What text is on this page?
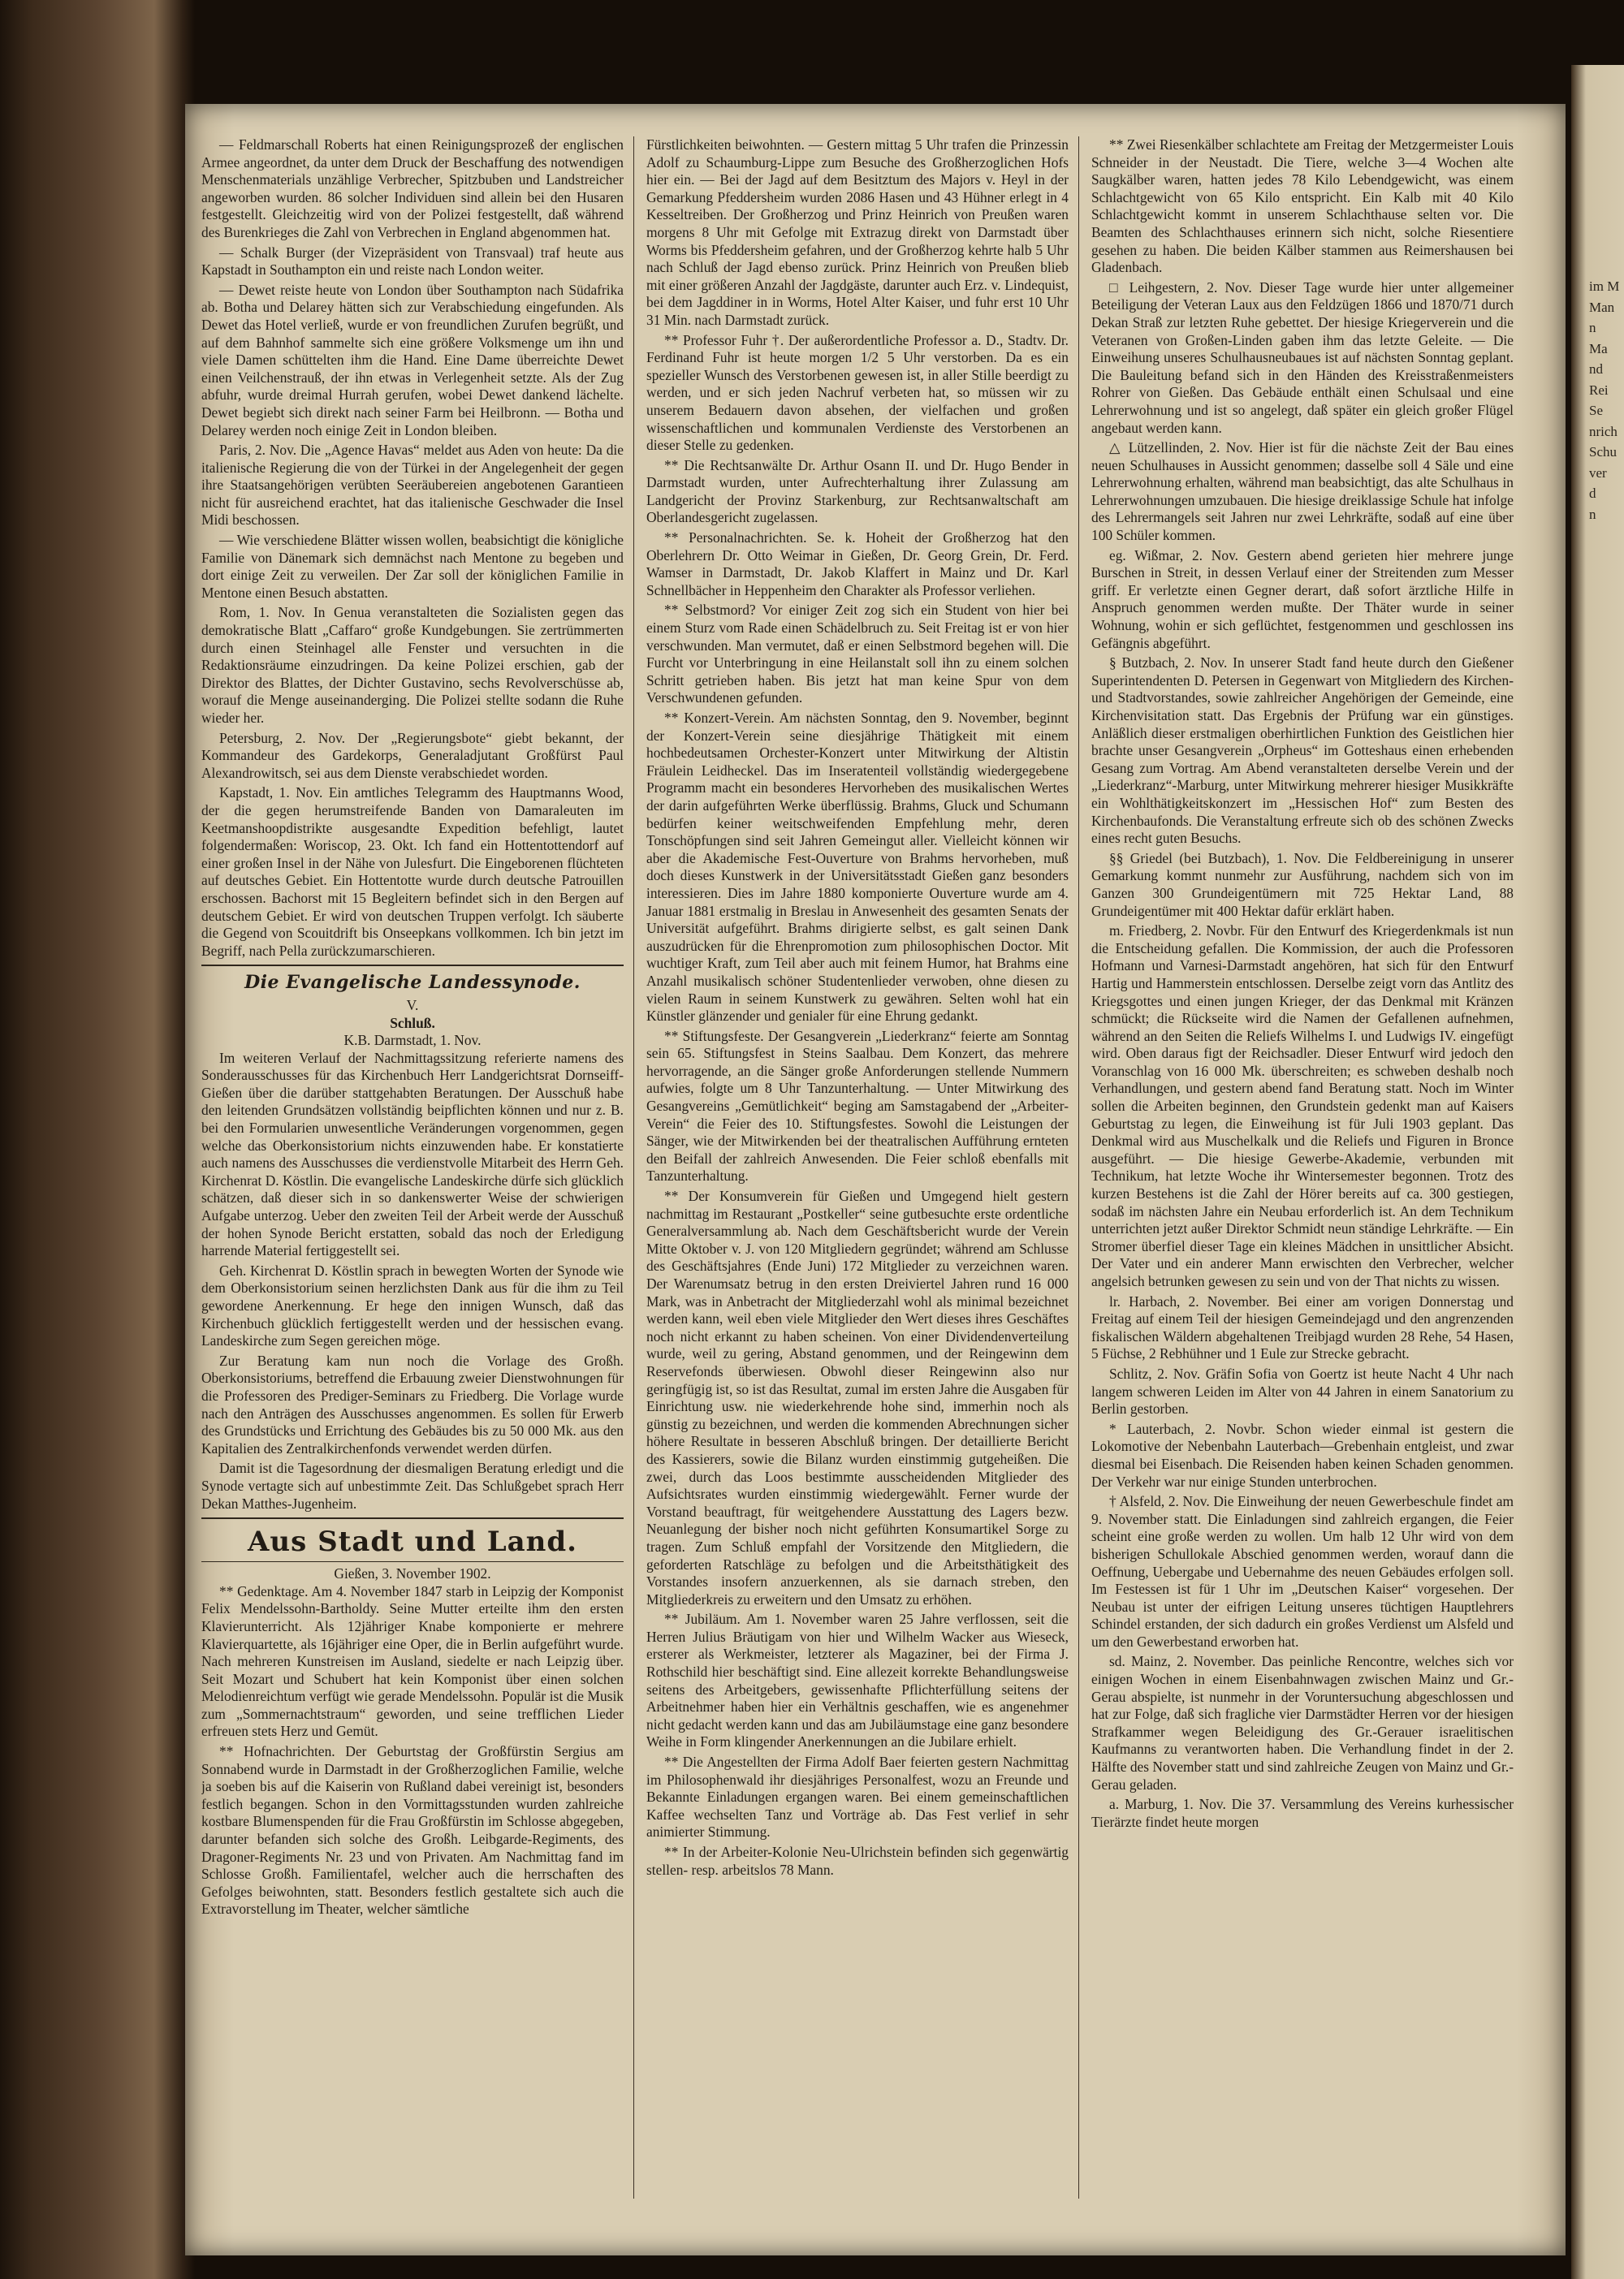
— Feldmarschall Roberts hat einen Reinigungsprozeß der englischen Armee angeordnet, da unter dem Druck der Beschaffung des notwendigen Menschenmaterials unzählige Verbrecher, Spitzbuben und Landstreicher angeworben wurden. 86 solcher Individuen sind allein bei den Husaren festgestellt. Gleichzeitig wird von der Polizei festgestellt, daß während des Burenkrieges die Zahl von Verbrechen in England abgenommen hat.

— Schalk Burger (der Vizepräsident von Transvaal) traf heute aus Kapstadt in Southampton ein und reiste nach London weiter.

— Dewet reiste heute von London über Southampton nach Südafrika ab. Botha und Delarey hätten sich zur Verabschiedung eingefunden. Als Dewet das Hotel verließ, wurde er von freundlichen Zurufen begrüßt, und auf dem Bahnhof sammelte sich eine größere Volksmenge um ihn und viele Damen schüttelten ihm die Hand. Eine Dame überreichte Dewet einen Veilchenstrauß, der ihn etwas in Verlegenheit setzte. Als der Zug abfuhr, wurde dreimal Hurrah gerufen, wobei Dewet dankend lächelte. Dewet begiebt sich direkt nach seiner Farm bei Heilbronn. — Botha und Delarey werden noch einige Zeit in London bleiben.

Paris, 2. Nov. Die „Agence Havas“ meldet aus Aden von heute: Da die italienische Regierung die von der Türkei in der Angelegenheit der gegen ihre Staatsangehörigen verübten Seeräubereien angebotenen Garantieen nicht für ausreichend erachtet, hat das italienische Geschwader die Insel Midi beschossen.

— Wie verschiedene Blätter wissen wollen, beabsichtigt die königliche Familie von Dänemark sich demnächst nach Mentone zu begeben und dort einige Zeit zu verweilen. Der Zar soll der königlichen Familie in Mentone einen Besuch abstatten.

Rom, 1. Nov. In Genua veranstalteten die Sozialisten gegen das demokratische Blatt „Caffaro“ große Kundgebungen. Sie zertrümmerten durch einen Steinhagel alle Fenster und versuchten in die Redaktionsräume einzudringen. Da keine Polizei erschien, gab der Direktor des Blattes, der Dichter Gustavino, sechs Revolverschüsse ab, worauf die Menge auseinanderging. Die Polizei stellte sodann die Ruhe wieder her.

Petersburg, 2. Nov. Der „Regierungsbote“ giebt bekannt, der Kommandeur des Gardekorps, Generaladjutant Großfürst Paul Alexandrowitsch, sei aus dem Dienste verabschiedet worden.

Kapstadt, 1. Nov. Ein amtliches Telegramm des Hauptmanns Wood, der die gegen herumstreifende Banden von Damaraleuten im Keetmanshoopdistrikte ausgesandte Expedition befehligt, lautet folgendermaßen: Woriscop, 23. Okt. Ich fand ein Hottentottendorf auf einer großen Insel in der Nähe von Julesfurt. Die Eingeborenen flüchteten auf deutsches Gebiet. Ein Hottentotte wurde durch deutsche Patrouillen erschossen. Bachorst mit 15 Begleitern befindet sich in den Bergen auf deutschem Gebiet. Er wird von deutschen Truppen verfolgt. Ich säuberte die Gegend von Scouitdrift bis Onseepkans vollkommen. Ich bin jetzt im Begriff, nach Pella zurückzumarschieren.

Die Evangelische Landessynode.
V.
Schluß.
K.B. Darmstadt, 1. Nov.

Im weiteren Verlauf der Nachmittagssitzung referierte namens des Sonderausschusses für das Kirchenbuch Herr Landgerichtsrat Dornseiff-Gießen über die darüber stattgehabten Beratungen. Der Ausschuß habe den leitenden Grundsätzen vollständig beipflichten können und nur z. B. bei den Formularien unwesentliche Veränderungen vorgenommen, gegen welche das Oberkonsistorium nichts einzuwenden habe. Er konstatierte auch namens des Ausschusses die verdienstvolle Mitarbeit des Herrn Geh. Kirchenrat D. Köstlin. Die evangelische Landeskirche dürfe sich glücklich schätzen, daß dieser sich in so dankenswerter Weise der schwierigen Aufgabe unterzog. Ueber den zweiten Teil der Arbeit werde der Ausschuß der hohen Synode Bericht erstatten, sobald das noch der Erledigung harrende Material fertiggestellt sei.

Geh. Kirchenrat D. Köstlin sprach in bewegten Worten der Synode wie dem Oberkonsistorium seinen herzlichsten Dank aus für die ihm zu Teil gewordene Anerkennung. Er hege den innigen Wunsch, daß das Kirchenbuch glücklich fertiggestellt werden und der hessischen evang. Landeskirche zum Segen gereichen möge.

Zur Beratung kam nun noch die Vorlage des Großh. Oberkonsistoriums, betreffend die Erbauung zweier Dienstwohnungen für die Professoren des Prediger-Seminars zu Friedberg. Die Vorlage wurde nach den Anträgen des Ausschusses angenommen. Es sollen für Erwerb des Grundstücks und Errichtung des Gebäudes bis zu 50 000 Mk. aus den Kapitalien des Zentralkirchenfonds verwendet werden dürfen.

Damit ist die Tagesordnung der diesmaligen Beratung erledigt und die Synode vertagte sich auf unbestimmte Zeit. Das Schlußgebet sprach Herr Dekan Matthes-Jugenheim.

Aus Stadt und Land.
Gießen, 3. November 1902.

** Gedenktage. Am 4. November 1847 starb in Leipzig der Komponist Felix Mendelssohn-Bartholdy. Seine Mutter erteilte ihm den ersten Klavierunterricht. Als 12jähriger Knabe komponierte er mehrere Klavierquartette, als 16jähriger eine Oper, die in Berlin aufgeführt wurde. Nach mehreren Kunstreisen im Ausland, siedelte er nach Leipzig über. Seit Mozart und Schubert hat kein Komponist über einen solchen Melodienreichtum verfügt wie gerade Mendelssohn. Populär ist die Musik zum „Sommernachtstraum“ geworden, und seine trefflichen Lieder erfreuen stets Herz und Gemüt.

** Hofnachrichten. Der Geburtstag der Großfürstin Sergius am Sonnabend wurde in Darmstadt in der Großherzoglichen Familie, welche ja soeben bis auf die Kaiserin von Rußland dabei vereinigt ist, besonders festlich begangen. Schon in den Vormittagsstunden wurden zahlreiche kostbare Blumenspenden für die Frau Großfürstin im Schlosse abgegeben, darunter befanden sich solche des Großh. Leibgarde-Regiments, des Dragoner-Regiments Nr. 23 und von Privaten. Am Nachmittag fand im Schlosse Großh. Familientafel, welcher auch die herrschaften des Gefolges beiwohnten, statt. Besonders festlich gestaltete sich auch die Extravorstellung im Theater, welcher sämtliche

Fürstlichkeiten beiwohnten. — Gestern mittag 5 Uhr trafen die Prinzessin Adolf zu Schaumburg-Lippe zum Besuche des Großherzoglichen Hofs hier ein. — Bei der Jagd auf dem Besitztum des Majors v. Heyl in der Gemarkung Pfeddersheim wurden 2086 Hasen und 43 Hühner erlegt in 4 Kesseltreiben. Der Großherzog und Prinz Heinrich von Preußen waren morgens 8 Uhr mit Gefolge mit Extrazug direkt von Darmstadt über Worms bis Pfeddersheim gefahren, und der Großherzog kehrte halb 5 Uhr nach Schluß der Jagd ebenso zurück. Prinz Heinrich von Preußen blieb mit einer größeren Anzahl der Jagdgäste, darunter auch Erz. v. Lindequist, bei dem Jagddiner in in Worms, Hotel Alter Kaiser, und fuhr erst 10 Uhr 31 Min. nach Darmstadt zurück.

** Professor Fuhr †. Der außerordentliche Professor a. D., Stadtv. Dr. Ferdinand Fuhr ist heute morgen 1/2 5 Uhr verstorben. Da es ein spezieller Wunsch des Verstorbenen gewesen ist, in aller Stille beerdigt zu werden, und er sich jeden Nachruf verbeten hat, so müssen wir zu unserem Bedauern davon absehen, der vielfachen und großen wissenschaftlichen und kommunalen Verdienste des Verstorbenen an dieser Stelle zu gedenken.

** Die Rechtsanwälte Dr. Arthur Osann II. und Dr. Hugo Bender in Darmstadt wurden, unter Aufrechterhaltung ihrer Zulassung am Landgericht der Provinz Starkenburg, zur Rechtsanwaltschaft am Oberlandesgericht zugelassen.

** Personalnachrichten. Se. k. Hoheit der Großherzog hat den Oberlehrern Dr. Otto Weimar in Gießen, Dr. Georg Grein, Dr. Ferd. Wamser in Darmstadt, Dr. Jakob Klaffert in Mainz und Dr. Karl Schnellbächer in Heppenheim den Charakter als Professor verliehen.

** Selbstmord? Vor einiger Zeit zog sich ein Student von hier bei einem Sturz vom Rade einen Schädelbruch zu. Seit Freitag ist er von hier verschwunden. Man vermutet, daß er einen Selbstmord begehen will. Die Furcht vor Unterbringung in eine Heilanstalt soll ihn zu einem solchen Schritt getrieben haben. Bis jetzt hat man keine Spur von dem Verschwundenen gefunden.

** Konzert-Verein. Am nächsten Sonntag, den 9. November, beginnt der Konzert-Verein seine diesjährige Thätigkeit mit einem hochbedeutsamen Orchester-Konzert unter Mitwirkung der Altistin Fräulein Leidheckel. Das im Inseratenteil vollständig wiedergegebene Programm macht ein besonderes Hervorheben des musikalischen Wertes der darin aufgeführten Werke überflüssig. Brahms, Gluck und Schumann bedürfen keiner weitschweifenden Empfehlung mehr, deren Tonschöpfungen sind seit Jahren Gemeingut aller. Vielleicht können wir aber die Akademische Fest-Ouverture von Brahms hervorheben, muß doch dieses Kunstwerk in der Universitätsstadt Gießen ganz besonders interessieren. Dies im Jahre 1880 komponierte Ouverture wurde am 4. Januar 1881 erstmalig in Breslau in Anwesenheit des gesamten Senats der Universität aufgeführt. Brahms dirigierte selbst, es galt seinen Dank auszudrücken für die Ehrenpromotion zum philosophischen Doctor. Mit wuchtiger Kraft, zum Teil aber auch mit feinem Humor, hat Brahms eine Anzahl musikalisch schöner Studentenlieder verwoben, ohne diesen zu vielen Raum in seinem Kunstwerk zu gewähren. Selten wohl hat ein Künstler glänzender und genialer für eine Ehrung gedankt.

** Stiftungsfeste. Der Gesangverein „Liederkranz“ feierte am Sonntag sein 65. Stiftungsfest in Steins Saalbau. Dem Konzert, das mehrere hervorragende, an die Sänger große Anforderungen stellende Nummern aufwies, folgte um 8 Uhr Tanzunterhaltung. — Unter Mitwirkung des Gesangvereins „Gemütlichkeit“ beging am Samstagabend der „Arbeiter-Verein“ die Feier des 10. Stiftungsfestes. Sowohl die Leistungen der Sänger, wie der Mitwirkenden bei der theatralischen Aufführung ernteten den Beifall der zahlreich Anwesenden. Die Feier schloß ebenfalls mit Tanzunterhaltung.

** Der Konsumverein für Gießen und Umgegend hielt gestern nachmittag im Restaurant „Postkeller“ seine gutbesuchte erste ordentliche Generalversammlung ab. Nach dem Geschäftsbericht wurde der Verein Mitte Oktober v. J. von 120 Mitgliedern gegründet; während am Schlusse des Geschäftsjahres (Ende Juni) 172 Mitglieder zu verzeichnen waren. Der Warenumsatz betrug in den ersten Dreiviertel Jahren rund 16 000 Mark, was in Anbetracht der Mitgliederzahl wohl als minimal bezeichnet werden kann, weil eben viele Mitglieder den Wert dieses ihres Geschäftes noch nicht erkannt zu haben scheinen. Von einer Dividendenverteilung wurde, weil zu gering, Abstand genommen, und der Reingewinn dem Reservefonds überwiesen. Obwohl dieser Reingewinn also nur geringfügig ist, so ist das Resultat, zumal im ersten Jahre die Ausgaben für Einrichtung usw. nie wiederkehrende hohe sind, immerhin noch als günstig zu bezeichnen, und werden die kommenden Abrechnungen sicher höhere Resultate in besseren Abschluß bringen. Der detaillierte Bericht des Kassierers, sowie die Bilanz wurden einstimmig gutgeheißen. Die zwei, durch das Loos bestimmte ausscheidenden Mitglieder des Aufsichtsrates wurden einstimmig wiedergewählt. Ferner wurde der Vorstand beauftragt, für weitgehendere Ausstattung des Lagers bezw. Neuanlegung der bisher noch nicht geführten Konsumartikel Sorge zu tragen. Zum Schluß empfahl der Vorsitzende den Mitgliedern, die geforderten Ratschläge zu befolgen und die Arbeitsthätigkeit des Vorstandes insofern anzuerkennen, als sie darnach streben, den Mitgliederkreis zu erweitern und den Umsatz zu erhöhen.

** Jubiläum. Am 1. November waren 25 Jahre verflossen, seit die Herren Julius Bräutigam von hier und Wilhelm Wacker aus Wieseck, ersterer als Werkmeister, letzterer als Magaziner, bei der Firma J. Rothschild hier beschäftigt sind. Eine allezeit korrekte Behandlungsweise seitens des Arbeitgebers, gewissenhafte Pflichterfüllung seitens der Arbeitnehmer haben hier ein Verhältnis geschaffen, wie es angenehmer nicht gedacht werden kann und das am Jubiläumstage eine ganz besondere Weihe in Form klingender Anerkennungen an die Jubilare erhielt.

** Die Angestellten der Firma Adolf Baer feierten gestern Nachmittag im Philosophenwald ihr diesjähriges Personalfest, wozu an Freunde und Bekannte Einladungen ergangen waren. Bei einem gemeinschaftlichen Kaffee wechselten Tanz und Vorträge ab. Das Fest verlief in sehr animierter Stimmung.

** In der Arbeiter-Kolonie Neu-Ulrichstein befinden sich gegenwärtig stellen- resp. arbeitslos 78 Mann.

** Zwei Riesenkälber schlachtete am Freitag der Metzgermeister Louis Schneider in der Neustadt. Die Tiere, welche 3—4 Wochen alte Saugkälber waren, hatten jedes 78 Kilo Lebendgewicht, was einem Schlachtgewicht von 65 Kilo entspricht. Ein Kalb mit 40 Kilo Schlachtgewicht kommt in unserem Schlachthause selten vor. Die Beamten des Schlachthauses erinnern sich nicht, solche Riesentiere gesehen zu haben. Die beiden Kälber stammen aus Reimershausen bei Gladenbach.

□ Leihgestern, 2. Nov. Dieser Tage wurde hier unter allgemeiner Beteiligung der Veteran Laux aus den Feldzügen 1866 und 1870/71 durch Dekan Straß zur letzten Ruhe gebettet. Der hiesige Kriegerverein und die Veteranen von Großen-Linden gaben ihm das letzte Geleite. — Die Einweihung unseres Schulhausneubaues ist auf nächsten Sonntag geplant. Die Bauleitung befand sich in den Händen des Kreisstraßenmeisters Rohrer von Gießen. Das Gebäude enthält einen Schulsaal und eine Lehrerwohnung und ist so angelegt, daß später ein gleich großer Flügel angebaut werden kann.

△ Lützellinden, 2. Nov. Hier ist für die nächste Zeit der Bau eines neuen Schulhauses in Aussicht genommen; dasselbe soll 4 Säle und eine Lehrerwohnung erhalten, während man beabsichtigt, das alte Schulhaus in Lehrerwohnungen umzubauen. Die hiesige dreiklassige Schule hat infolge des Lehrermangels seit Jahren nur zwei Lehrkräfte, sodaß auf eine über 100 Schüler kommen.

eg. Wißmar, 2. Nov. Gestern abend gerieten hier mehrere junge Burschen in Streit, in dessen Verlauf einer der Streitenden zum Messer griff. Er verletzte einen Gegner derart, daß sofort ärztliche Hilfe in Anspruch genommen werden mußte. Der Thäter wurde in seiner Wohnung, wohin er sich geflüchtet, festgenommen und geschlossen ins Gefängnis abgeführt.

§ Butzbach, 2. Nov. In unserer Stadt fand heute durch den Gießener Superintendenten D. Petersen in Gegenwart von Mitgliedern des Kirchen- und Stadtvorstandes, sowie zahlreicher Angehörigen der Gemeinde, eine Kirchenvisitation statt. Das Ergebnis der Prüfung war ein günstiges. Anläßlich dieser erstmaligen oberhirtlichen Funktion des Geistlichen hier brachte unser Gesangverein „Orpheus“ im Gotteshaus einen erhebenden Gesang zum Vortrag. Am Abend veranstalteten derselbe Verein und der „Liederkranz“-Marburg, unter Mitwirkung mehrerer hiesiger Musikkräfte ein Wohlthätigkeitskonzert im „Hessischen Hof“ zum Besten des Kirchenbaufonds. Die Veranstaltung erfreute sich ob des schönen Zwecks eines recht guten Besuchs.

§§ Griedel (bei Butzbach), 1. Nov. Die Feldbereinigung in unserer Gemarkung kommt nunmehr zur Ausführung, nachdem sich von im Ganzen 300 Grundeigentümern mit 725 Hektar Land, 88 Grundeigentümer mit 400 Hektar dafür erklärt haben.

m. Friedberg, 2. Novbr. Für den Entwurf des Kriegerdenkmals ist nun die Entscheidung gefallen. Die Kommission, der auch die Professoren Hofmann und Varnesi-Darmstadt angehören, hat sich für den Entwurf Hartig und Hammerstein entschlossen. Derselbe zeigt vorn das Antlitz des Kriegsgottes und einen jungen Krieger, der das Denkmal mit Kränzen schmückt; die Rückseite wird die Namen der Gefallenen aufnehmen, während an den Seiten die Reliefs Wilhelms I. und Ludwigs IV. eingefügt wird. Oben daraus figt der Reichsadler. Dieser Entwurf wird jedoch den Voranschlag von 16 000 Mk. überschreiten; es schweben deshalb noch Verhandlungen, und gestern abend fand Beratung statt. Noch im Winter sollen die Arbeiten beginnen, den Grundstein gedenkt man auf Kaisers Geburtstag zu legen, die Einweihung ist für Juli 1903 geplant. Das Denkmal wird aus Muschelkalk und die Reliefs und Figuren in Bronce ausgeführt. — Die hiesige Gewerbe-Akademie, verbunden mit Technikum, hat letzte Woche ihr Wintersemester begonnen. Trotz des kurzen Bestehens ist die Zahl der Hörer bereits auf ca. 300 gestiegen, sodaß im nächsten Jahre ein Neubau erforderlich ist. An dem Technikum unterrichten jetzt außer Direktor Schmidt neun ständige Lehrkräfte. — Ein Stromer überfiel dieser Tage ein kleines Mädchen in unsittlicher Absicht. Der Vater und ein anderer Mann erwischten den Verbrecher, welcher angelsich betrunken gewesen zu sein und von der That nichts zu wissen.

lr. Harbach, 2. November. Bei einer am vorigen Donnerstag und Freitag auf einem Teil der hiesigen Gemeindejagd und den angrenzenden fiskalischen Wäldern abgehaltenen Treibjagd wurden 28 Rehe, 54 Hasen, 5 Füchse, 2 Rebhühner und 1 Eule zur Strecke gebracht.

Schlitz, 2. Nov. Gräfin Sofia von Goertz ist heute Nacht 4 Uhr nach langem schweren Leiden im Alter von 44 Jahren in einem Sanatorium zu Berlin gestorben.

* Lauterbach, 2. Novbr. Schon wieder einmal ist gestern die Lokomotive der Nebenbahn Lauterbach—Grebenhain entgleist, und zwar diesmal bei Eisenbach. Die Reisenden haben keinen Schaden genommen. Der Verkehr war nur einige Stunden unterbrochen.

† Alsfeld, 2. Nov. Die Einweihung der neuen Gewerbeschule findet am 9. November statt. Die Einladungen sind zahlreich ergangen, die Feier scheint eine große werden zu wollen. Um halb 12 Uhr wird von dem bisherigen Schullokale Abschied genommen werden, worauf dann die Oeffnung, Uebergabe und Uebernahme des neuen Gebäudes erfolgen soll. Im Festessen ist für 1 Uhr im „Deutschen Kaiser“ vorgesehen. Der Neubau ist unter der eifrigen Leitung unseres tüchtigen Hauptlehrers Schindel erstanden, der sich dadurch ein großes Verdienst um Alsfeld und um den Gewerbestand erworben hat.

sd. Mainz, 2. November. Das peinliche Rencontre, welches sich vor einigen Wochen in einem Eisenbahnwagen zwischen Mainz und Gr.-Gerau abspielte, ist nunmehr in der Voruntersuchung abgeschlossen und hat zur Folge, daß sich fragliche vier Darmstädter Herren vor der hiesigen Strafkammer wegen Beleidigung des Gr.-Gerauer israelitischen Kaufmanns zu verantworten haben. Die Verhandlung findet in der 2. Hälfte des November statt und sind zahlreiche Zeugen von Mainz und Gr.-Gerau geladen.

a. Marburg, 1. Nov. Die 37. Versammlung des Vereins kurhessischer Tierärzte findet heute morgen

im M
Man
n
Ma
nd
Rei
Se
nrich
Schu
ver
d
n
